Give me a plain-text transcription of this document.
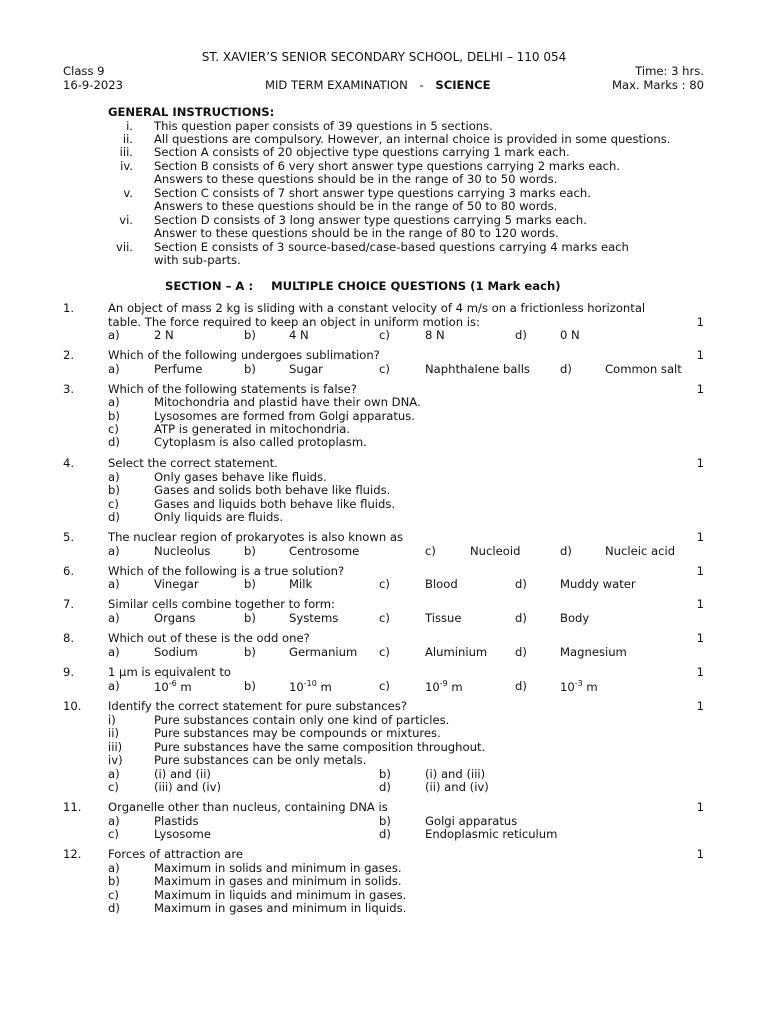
ST. XAVIER’S SENIOR SECONDARY SCHOOL, DELHI – 110 054
Class 9	Time: 3 hrs.
16-9-2023	MID TERM EXAMINATION - SCIENCE	Max. Marks : 80
GENERAL INSTRUCTIONS:
i. This question paper consists of 39 questions in 5 sections.
ii. All questions are compulsory. However, an internal choice is provided in some questions.
iii. Section A consists of 20 objective type questions carrying 1 mark each.
iv. Section B consists of 6 very short answer type questions carrying 2 marks each.
Answers to these questions should be in the range of 30 to 50 words.
v. Section C consists of 7 short answer type questions carrying 3 marks each.
Answers to these questions should be in the range of 50 to 80 words.
vi. Section D consists of 3 long answer type questions carrying 5 marks each.
Answer to these questions should be in the range of 80 to 120 words.
vii. Section E consists of 3 source-based/case-based questions carrying 4 marks each
with sub-parts.
SECTION – A : MULTIPLE CHOICE QUESTIONS (1 Mark each)
1.	An object of mass 2 kg is sliding with a constant velocity of 4 m/s on a frictionless horizontal
table. The force required to keep an object in uniform motion is:	1
a)	2 N	b)	4 N	c)	8 N	d)	0 N
2.	Which of the following undergoes sublimation?	1
a)	Perfume	b)	Sugar	c)	Naphthalene balls	d)	Common salt
3.	Which of the following statements is false?	1
a)	Mitochondria and plastid have their own DNA.
b)	Lysosomes are formed from Golgi apparatus.
c)	ATP is generated in mitochondria.
d)	Cytoplasm is also called protoplasm.
4.	Select the correct statement.	1
a)	Only gases behave like fluids.
b)	Gases and solids both behave like fluids.
c)	Gases and liquids both behave like fluids.
d)	Only liquids are fluids.
5.	The nuclear region of prokaryotes is also known as	1
a)	Nucleolus	b)	Centrosome	c)	Nucleoid	d)	Nucleic acid
6.	Which of the following is a true solution?	1
a)	Vinegar	b)	Milk	c)	Blood	d)	Muddy water
7.	Similar cells combine together to form:	1
a)	Organs	b)	Systems	c)	Tissue	d)	Body
8.	Which out of these is the odd one?	1
a)	Sodium	b)	Germanium c)	Aluminium d)	Magnesium
9.	1 μm is equivalent to	1
a)	$10^{-6}$ m	b)	$10^{-10}$ m	c)	$10^{-9}$ m	d)	$10^{-3}$ m
10. Identify the correct statement for pure substances?	1
i)	Pure substances contain only one kind of particles.
ii)	Pure substances may be compounds or mixtures.
iii)	Pure substances have the same composition throughout.
iv)	Pure substances can be only metals.
a)	(i) and (ii)	b)	(i) and (iii)
c)	(iii) and (iv)	d)	(ii) and (iv)
11. Organelle other than nucleus, containing DNA is	1
a)	Plastids	b)	Golgi apparatus
c)	Lysosome	d)	Endoplasmic reticulum
12. Forces of attraction are	1
a)	Maximum in solids and minimum in gases.
b)	Maximum in gases and minimum in solids.
c)	Maximum in liquids and minimum in gases.
d)	Maximum in gases and minimum in liquids.
